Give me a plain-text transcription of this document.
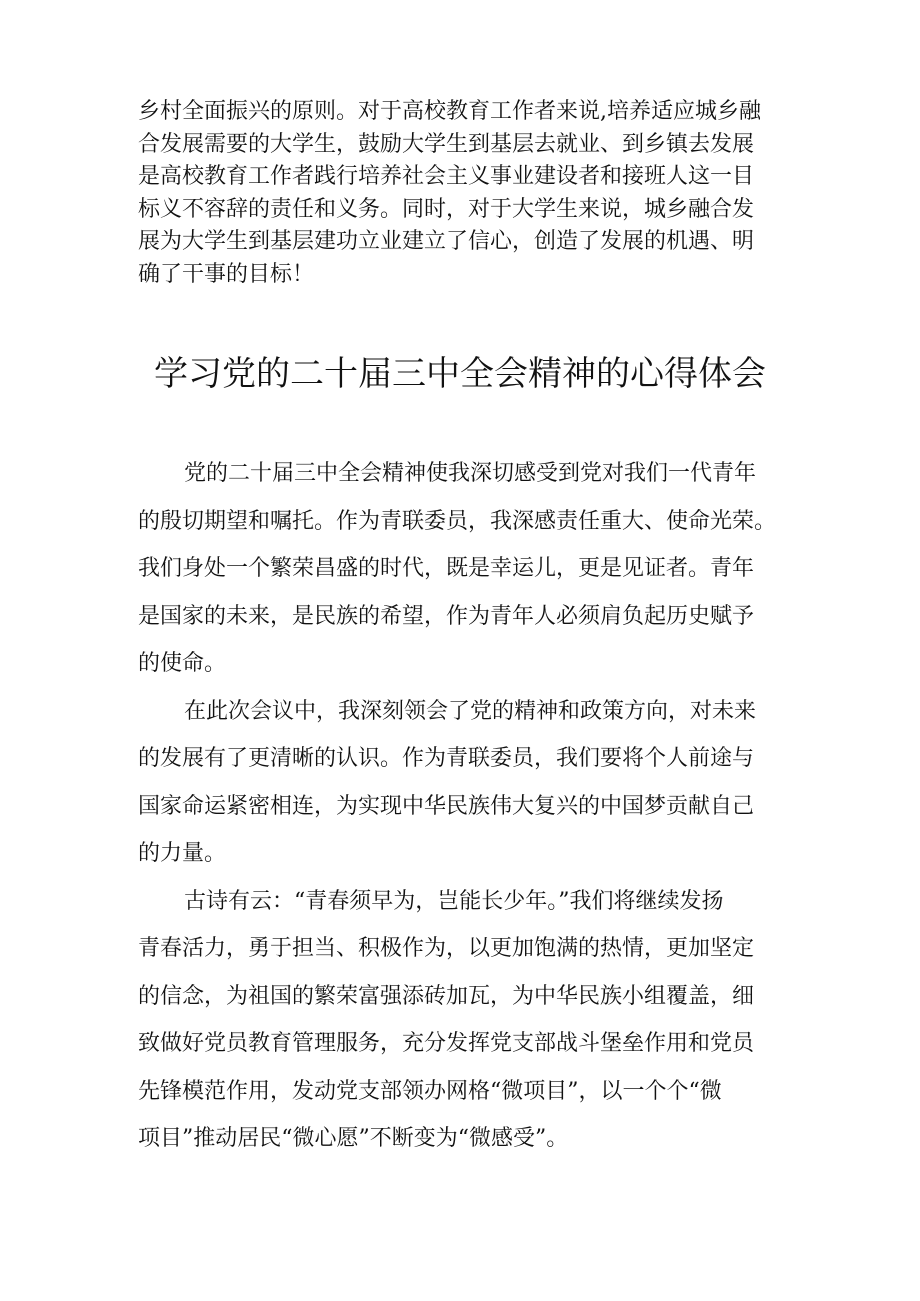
乡村全面振兴的原则。对于高校教育工作者来说,培养适应城乡融
合发展需要的大学生，鼓励大学生到基层去就业、到乡镇去发展
是高校教育工作者践行培养社会主义事业建设者和接班人这一目
标义不容辞的责任和义务。同时，对于大学生来说，城乡融合发
展为大学生到基层建功立业建立了信心，创造了发展的机遇、明
确了干事的目标！

学习党的二十届三中全会精神的心得体会

党的二十届三中全会精神使我深切感受到党对我们一代青年
的殷切期望和嘱托。作为青联委员，我深感责任重大、使命光荣。
我们身处一个繁荣昌盛的时代，既是幸运儿，更是见证者。青年
是国家的未来，是民族的希望，作为青年人必须肩负起历史赋予
的使命。

在此次会议中，我深刻领会了党的精神和政策方向，对未来
的发展有了更清晰的认识。作为青联委员，我们要将个人前途与
国家命运紧密相连，为实现中华民族伟大复兴的中国梦贡献自己
的力量。

古诗有云：“青春须早为，岂能长少年。”我们将继续发扬
青春活力，勇于担当、积极作为，以更加饱满的热情，更加坚定
的信念，为祖国的繁荣富强添砖加瓦，为中华民族小组覆盖，细
致做好党员教育管理服务，充分发挥党支部战斗堡垒作用和党员
先锋模范作用，发动党支部领办网格“微项目”，以一个个“微
项目”推动居民“微心愿”不断变为“微感受”。
